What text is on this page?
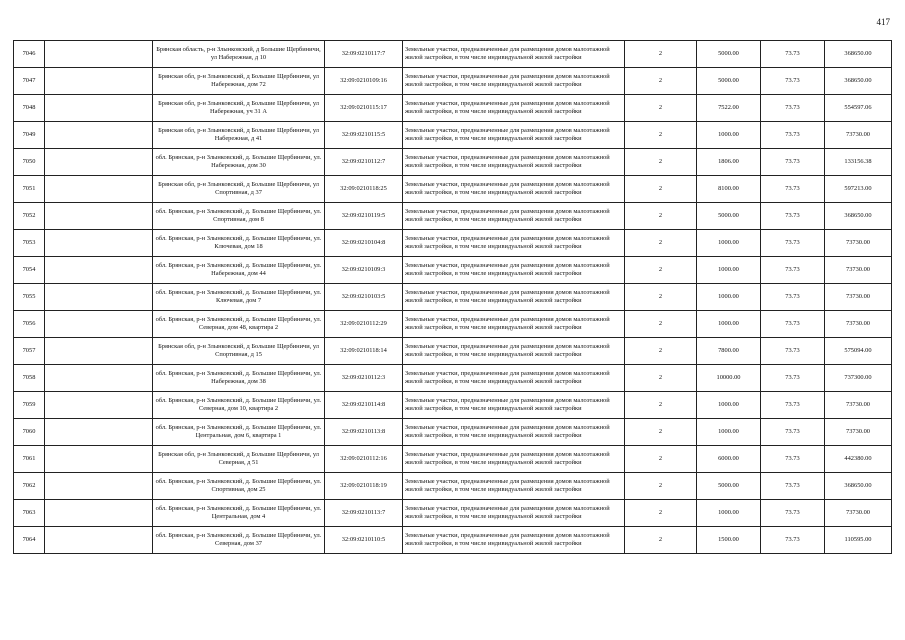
417
7046		Брянская область, р-н Злынковский, д Большие Щербиничи, ул Набережная, д 10	32:09:0210117:7	Земельные участки, предназначенные для размещения домов малоэтажной жилой застройки, в том числе индивидуальной жилой застройки	2	5000.00	73.73	368650.00
7047		Брянская обл, р-н Злынковский, д Большие Щербиничи, ул Набережная, дом 72	32:09:0210109:16	Земельные участки, предназначенные для размещения домов малоэтажной жилой застройки, в том числе индивидуальной жилой застройки	2	5000.00	73.73	368650.00
7048		Брянская обл, р-н Злынковский, д Большие Щербиничи, ул Набережная, уч 31 А	32:09:0210115:17	Земельные участки, предназначенные для размещения домов малоэтажной жилой застройки, в том числе индивидуальной жилой застройки	2	7522.00	73.73	554597.06
7049		Брянская обл, р-н Злынковский, д Большие Щербиничи, ул Набережная, д 41	32:09:0210115:5	Земельные участки, предназначенные для размещения домов малоэтажной жилой застройки, в том числе индивидуальной жилой застройки	2	1000.00	73.73	73730.00
7050		обл. Брянская, р-н Злынковский, д. Большие Щербиничи, ул. Набережная, дом 30	32:09:0210112:7	Земельные участки, предназначенные для размещения домов малоэтажной жилой застройки, в том числе индивидуальной жилой застройки	2	1806.00	73.73	133156.38
7051		Брянская обл, р-н Злынковский, д Большие Щербиничи, ул Спортивная, д 37	32:09:0210118:25	Земельные участки, предназначенные для размещения домов малоэтажной жилой застройки, в том числе индивидуальной жилой застройки	2	8100.00	73.73	597213.00
7052		обл. Брянская, р-н Злынковский, д. Большие Щербиничи, ул. Спортивная, дом 8	32:09:0210119:5	Земельные участки, предназначенные для размещения домов малоэтажной жилой застройки, в том числе индивидуальной жилой застройки	2	5000.00	73.73	368650.00
7053		обл. Брянская, р-н Злынковский, д. Большие Щербиничи, ул. Ключевая, дом 18	32:09:0210104:8	Земельные участки, предназначенные для размещения домов малоэтажной жилой застройки, в том числе индивидуальной жилой застройки	2	1000.00	73.73	73730.00
7054		обл. Брянская, р-н Злынковский, д. Большие Щербиничи, ул. Набережная, дом 44	32:09:0210109:3	Земельные участки, предназначенные для размещения домов малоэтажной жилой застройки, в том числе индивидуальной жилой застройки	2	1000.00	73.73	73730.00
7055		обл. Брянская, р-н Злынковский, д. Большие Щербиничи, ул. Ключевая, дом 7	32:09:0210103:5	Земельные участки, предназначенные для размещения домов малоэтажной жилой застройки, в том числе индивидуальной жилой застройки	2	1000.00	73.73	73730.00
7056		обл. Брянская, р-н Злынковский, д. Большие Щербиничи, ул. Северная, дом 48, квартира 2	32:09:0210112:29	Земельные участки, предназначенные для размещения домов малоэтажной жилой застройки, в том числе индивидуальной жилой застройки	2	1000.00	73.73	73730.00
7057		Брянская обл, р-н Злынковский, д Большие Щербиничи, ул Спортивная, д 15	32:09:0210118:14	Земельные участки, предназначенные для размещения домов малоэтажной жилой застройки, в том числе индивидуальной жилой застройки	2	7800.00	73.73	575094.00
7058		обл. Брянская, р-н Злынковский, д. Большие Щербиничи, ул. Набережная, дом 38	32:09:0210112:3	Земельные участки, предназначенные для размещения домов малоэтажной жилой застройки, в том числе индивидуальной жилой застройки	2	10000.00	73.73	737300.00
7059		обл. Брянская, р-н Злынковский, д. Большие Щербиничи, ул. Северная, дом 10, квартира 2	32:09:0210114:8	Земельные участки, предназначенные для размещения домов малоэтажной жилой застройки, в том числе индивидуальной жилой застройки	2	1000.00	73.73	73730.00
7060		обл. Брянская, р-н Злынковский, д. Большие Щербиничи, ул. Центральная, дом 6, квартира 1	32:09:0210113:8	Земельные участки, предназначенные для размещения домов малоэтажной жилой застройки, в том числе индивидуальной жилой застройки	2	1000.00	73.73	73730.00
7061		Брянская обл, р-н Злынковский, д Большие Щербиничи, ул Северная, д 51	32:09:0210112:16	Земельные участки, предназначенные для размещения домов малоэтажной жилой застройки, в том числе индивидуальной жилой застройки	2	6000.00	73.73	442380.00
7062		обл. Брянская, р-н Злынковский, д. Большие Щербиничи, ул. Спортивная, дом 25	32:09:0210118:19	Земельные участки, предназначенные для размещения домов малоэтажной жилой застройки, в том числе индивидуальной жилой застройки	2	5000.00	73.73	368650.00
7063		обл. Брянская, р-н Злынковский, д. Большие Щербиничи, ул. Центральная, дом 4	32:09:0210113:7	Земельные участки, предназначенные для размещения домов малоэтажной жилой застройки, в том числе индивидуальной жилой застройки	2	1000.00	73.73	73730.00
7064		обл. Брянская, р-н Злынковский, д. Большие Щербиничи, ул. Северная, дом 37	32:09:0210110:5	Земельные участки, предназначенные для размещения домов малоэтажной жилой застройки, в том числе индивидуальной жилой застройки	2	1500.00	73.73	110595.00
